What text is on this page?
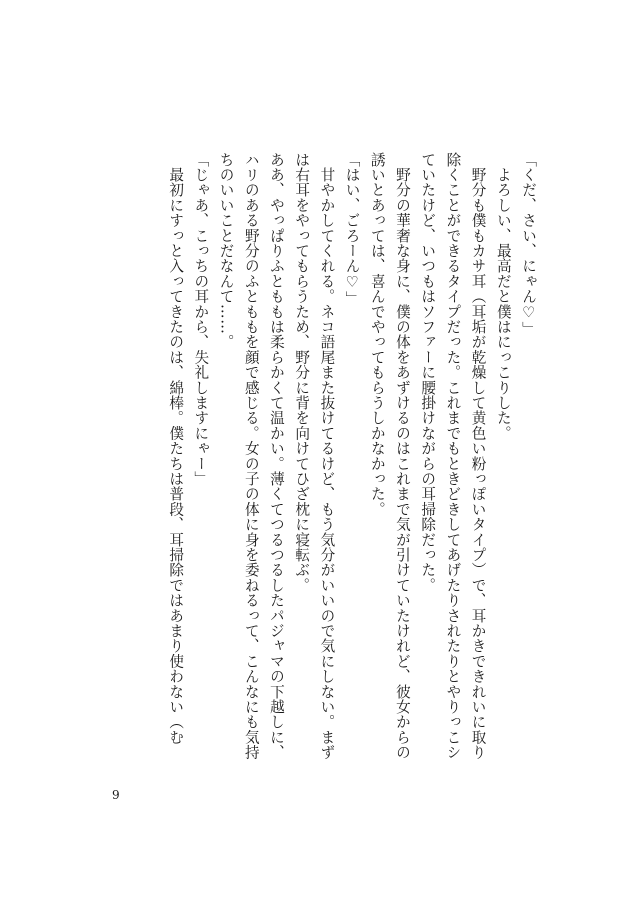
「くだ、さい、にゃん♡」
　よろしい、最高だと僕はにっこりした。
　野分も僕もカサ耳（耳垢が乾燥して黄色い粉っぽいタイプ）で、耳かきできれいに取り
除くことができるタイプだった。これまでもときどきしてあげたりされたりとやりっこシ
ていたけど、いつもはソファーに腰掛けながらの耳掃除だった。
　野分の華奢な身に、僕の体をあずけるのはこれまで気が引けていたけれど、彼女からの
誘いとあっては、喜んでやってもらうしかなかった。
「はい、ごろーん♡」
　甘やかしてくれる。ネコ語尾また抜けてるけど、もう気分がいいので気にしない。まず
は右耳をやってもらうため、野分に背を向けてひざ枕に寝転ぶ。
ああ、やっぱりふとももは柔らかくて温かい。薄くてつるつるしたパジャマの下越しに、
ハリのある野分のふとももを顔で感じる。女の子の体に身を委ねるって、こんなにも気持
ちのいいことだなんて……。
「じゃあ、こっちの耳から、失礼しますにゃー」
　最初にすっと入ってきたのは、綿棒。僕たちは普段、耳掃除ではあまり使わない（む
9
